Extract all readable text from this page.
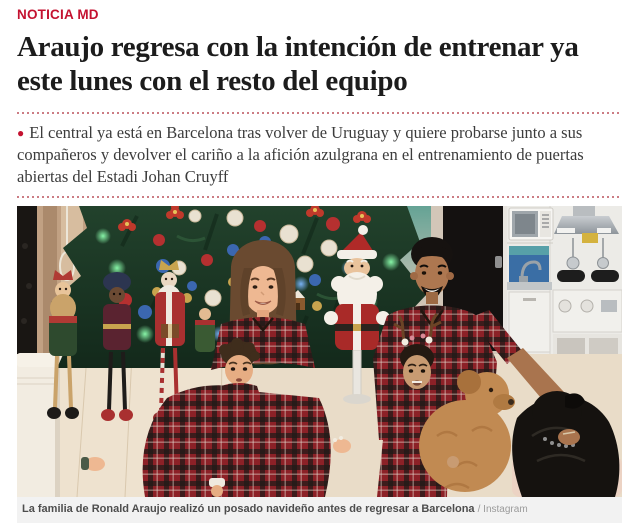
NOTICIA MD
Araujo regresa con la intención de entrenar ya este lunes con el resto del equipo

● El central ya está en Barcelona tras volver de Uruguay y quiere probarse junto a sus compañeros y devolver el cariño a la afición azulgrana en el entrenamiento de puertas abiertas del Estadi Johan Cruyff

La familia de Ronald Araujo realizó un posado navideño antes de regresar a Barcelona / Instagram
